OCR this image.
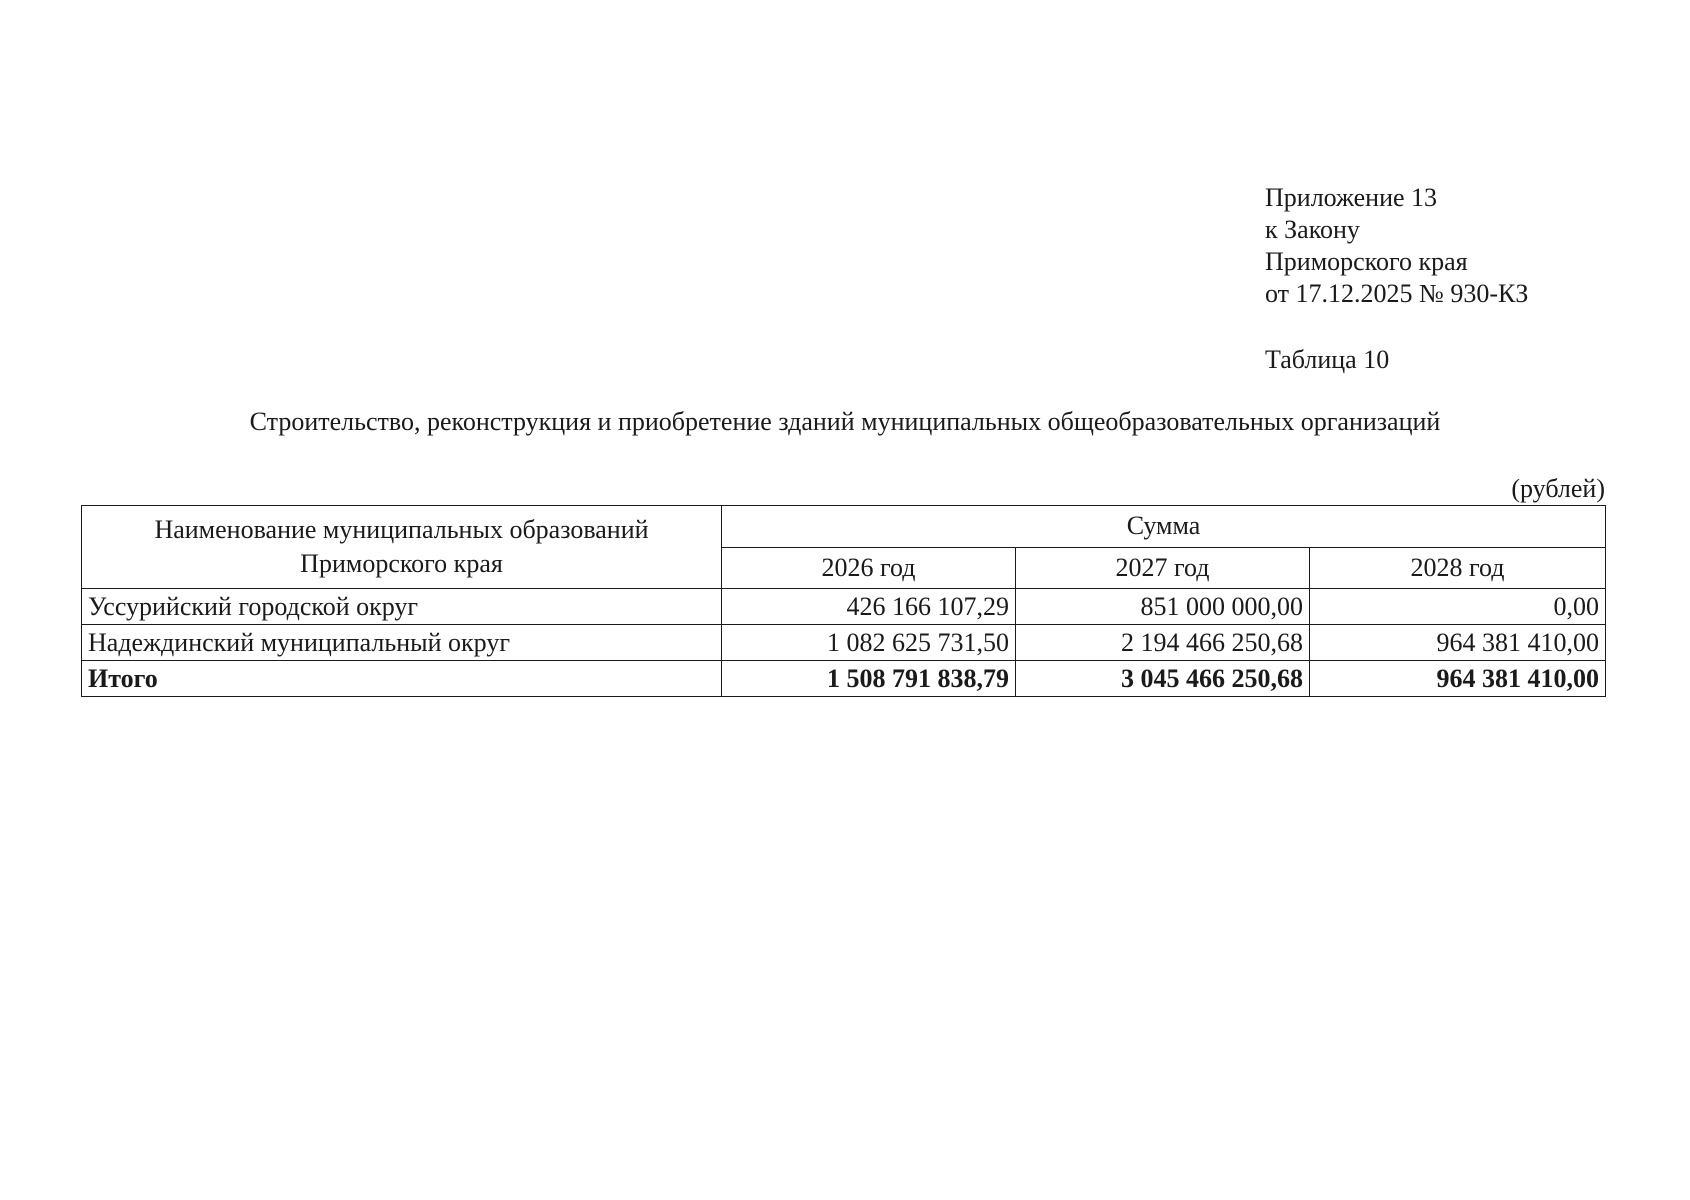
Приложение 13
к Закону
Приморского края
от 17.12.2025 № 930-КЗ
Таблица 10
Строительство, реконструкция и приобретение зданий муниципальных общеобразовательных организаций
(рублей)
Наименование муниципальных образований Приморского края	Сумма		
	2026 год	2027 год	2028 год
Уссурийский городской округ	426 166 107,29	851 000 000,00	0,00
Надеждинский муниципальный округ	1 082 625 731,50	2 194 466 250,68	964 381 410,00
Итого	1 508 791 838,79	3 045 466 250,68	964 381 410,00
